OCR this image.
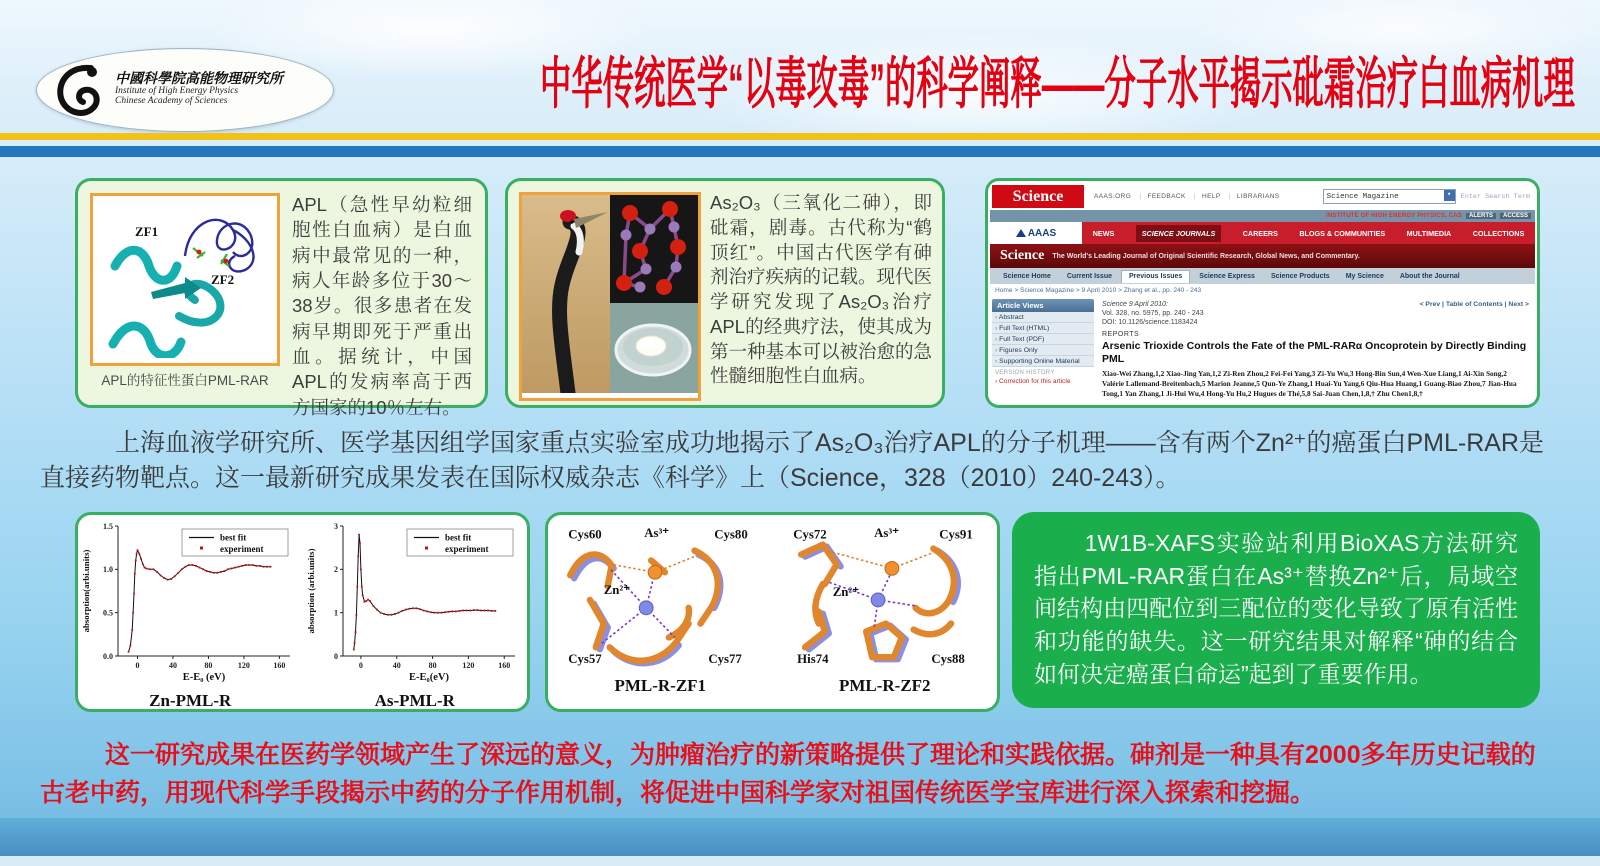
中國科學院高能物理研究所
Institute of High Energy Physics
Chinese Academy of Sciences	中华传统医学“以毒攻毒”的科学阐释——分子水平揭示砒霜治疗白血病机理
ZF1
ZF2
APL的特征性蛋白PML-RAR
APL（急性早幼粒细胞性白血病）是白血病中最常见的一种，病人年龄多位于30～38岁。很多患者在发病早期即死于严重出血。据统计，中国APL的发病率高于西方国家的10％左右。
As₂O₃（三氧化二砷），即砒霜，剧毒。古代称为“鹤顶红”。中国古代医学有砷剂治疗疾病的记载。现代医学研究发现了As₂O₃治疗APL的经典疗法，使其成为第一种基本可以被治愈的急性髓细胞性白血病。
Science	AAAS.ORG |	FEEDBACK |	HELP |	LIBRARIANS	Science Magazine	▾	Enter Search Term
INSTITUTE OF HIGH ENERGY PHYSICS, CAS	ALERTS	ACCESS
AAAS	NEWS	SCIENCE JOURNALS	CAREERS	BLOGS & COMMUNITIES	MULTIMEDIA	COLLECTIONS
Science The World's Leading Journal of Original Scientific Research, Global News, and Commentary.
Science Home	Current Issue	Previous Issues	Science Express	Science Products	My Science	About the Journal
Home > Science Magazine > 9 April 2010 > Zhang et al., pp. 240 - 243
Article Views
› Abstract
› Full Text (HTML)
› Full Text (PDF)
› Figures Only
› Supporting Online Material
VERSION HISTORY
› Correction for this article
Science 9 April 2010:
Vol. 328, no. 5975, pp. 240 - 243
DOI: 10.1126/science.1183424
< Prev | Table of Contents | Next >
REPORTS
Arsenic Trioxide Controls the Fate of the PML-RARα Oncoprotein by Directly Binding PML
Xiao-Wei Zhang,1,2 Xiao-Jing Yan,1,2 Zi-Ren Zhou,2 Fei-Fei Yang,3 Zi-Yu Wu,3 Hong-Bin Sun,4 Wen-Xue Liang,1 Ai-Xin Song,2 Valérie Lallemand-Breitenbach,5 Marion Jeanne,5 Qun-Ye Zhang,1 Huai-Yu Yang,6 Qiu-Hua Huang,1 Guang-Biao Zhou,7 Jian-Hua Tong,1 Yan Zhang,1 Ji-Hui Wu,4 Hong-Yu Hu,2 Hugues de Thé,5,8 Sai-Juan Chen,1,8,† Zhu Chen1,8,†
上海血液学研究所、医学基因组学国家重点实验室成功地揭示了As₂O₃治疗APL的分子机理——含有两个Zn²⁺的癌蛋白PML-RAR是直接药物靶点。这一最新研究成果发表在国际权威杂志《科学》上（Science，328（2010）240-243）。
0	40	80	120	160
0.0
0.5
1.0
1.5
E-E₀ (eV)
absorption(arbi.units)
best fit
experiment
Zn-PML-R
0	40	80	120	160
0
1
2
3
E-E₀(eV)
absorption (arbi.units)
best fit
experiment
As-PML-R
Cys60	As³⁺	Cys80
Zn²⁺
Cys57	Cys77
PML-R-ZF1
Cys72	As³⁺	Cys91
Zn²⁺
His74	Cys88
PML-R-ZF2
1W1B-XAFS实验站利用BioXAS方法研究指出PML-RAR蛋白在As³⁺替换Zn²⁺后，局域空间结构由四配位到三配位的变化导致了原有活性和功能的缺失。这一研究结果对解释“砷的结合如何决定癌蛋白命运”起到了重要作用。
这一研究成果在医药学领域产生了深远的意义，为肿瘤治疗的新策略提供了理论和实践依据。砷剂是一种具有2000多年历史记载的古老中药，用现代科学手段揭示中药的分子作用机制，将促进中国科学家对祖国传统医学宝库进行深入探索和挖掘。
